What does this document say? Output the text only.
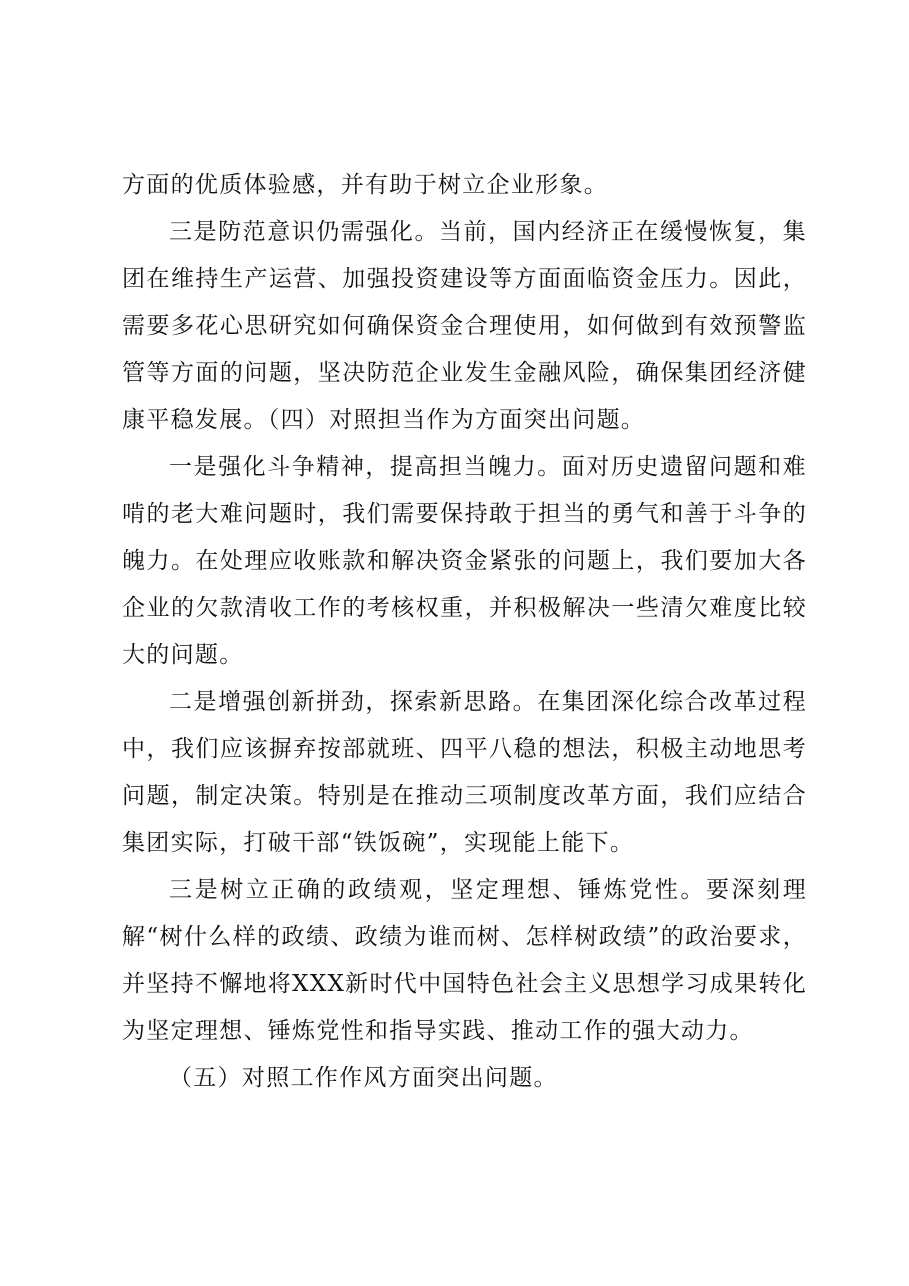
方面的优质体验感，并有助于树立企业形象。

三是防范意识仍需强化。当前，国内经济正在缓慢恢复，集团在维持生产运营、加强投资建设等方面面临资金压力。因此，需要多花心思研究如何确保资金合理使用，如何做到有效预警监管等方面的问题，坚决防范企业发生金融风险，确保集团经济健康平稳发展。（四）对照担当作为方面突出问题。

一是强化斗争精神，提高担当魄力。面对历史遗留问题和难啃的老大难问题时，我们需要保持敢于担当的勇气和善于斗争的魄力。在处理应收账款和解决资金紧张的问题上，我们要加大各企业的欠款清收工作的考核权重，并积极解决一些清欠难度比较大的问题。

二是增强创新拼劲，探索新思路。在集团深化综合改革过程中，我们应该摒弃按部就班、四平八稳的想法，积极主动地思考问题，制定决策。特别是在推动三项制度改革方面，我们应结合集团实际，打破干部“铁饭碗”，实现能上能下。

三是树立正确的政绩观，坚定理想、锤炼党性。要深刻理解“树什么样的政绩、政绩为谁而树、怎样树政绩”的政治要求，并坚持不懈地将XXX新时代中国特色社会主义思想学习成果转化为坚定理想、锤炼党性和指导实践、推动工作的强大动力。

（五）对照工作作风方面突出问题。
